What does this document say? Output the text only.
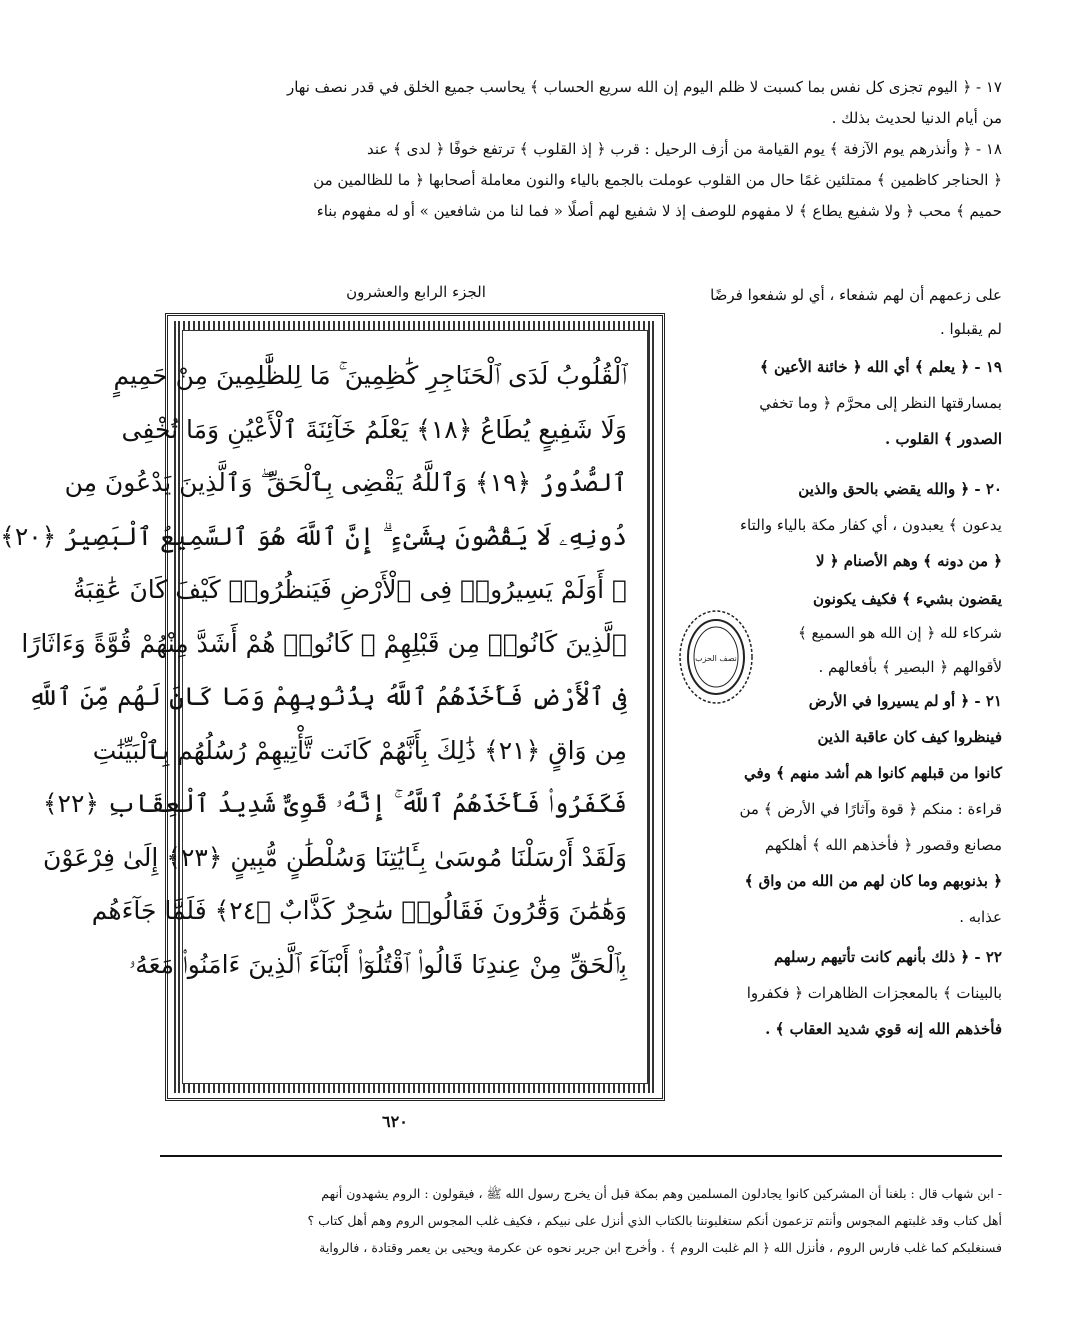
١٧ - ﴿ اليوم تجزى كل نفس بما كسبت لا ظلم اليوم إن الله سريع الحساب ﴾ يحاسب جميع الخلق في قدر نصف نهار
من أيام الدنيا لحديث بذلك .
١٨ - ﴿ وأنذرهم يوم الآزفة ﴾ يوم القيامة من أزف الرحيل : قرب ﴿ إذ القلوب ﴾ ترتفع خوفًا ﴿ لدى ﴾ عند
﴿ الحناجر كاظمين ﴾ ممتلئين غمًا حال من القلوب عوملت بالجمع بالياء والنون معاملة أصحابها ﴿ ما للظالمين من
حميم ﴾ محب ﴿ ولا شفيع يطاع ﴾ لا مفهوم للوصف إذ لا شفيع لهم أصلًا « فما لنا من شافعين » أو له مفهوم بناء
الجزء الرابع والعشرون
ٱلْقُلُوبُ لَدَى ٱلْحَنَاجِرِ كَٰظِمِينَ ۚ مَا لِلظَّٰلِمِينَ مِنْ حَمِيمٍ
وَلَا شَفِيعٍ يُطَاعُ ﴿١٨﴾ يَعْلَمُ خَآئِنَةَ ٱلْأَعْيُنِ وَمَا تُخْفِى
ٱلصُّدُورُ ﴿١٩﴾ وَٱللَّهُ يَقْضِى بِٱلْحَقِّ ۖ وَٱلَّذِينَ يَدْعُونَ مِن
دُونِهِۦ لَا يَقْضُونَ بِشَىْءٍ ۗ إِنَّ ٱللَّهَ هُوَ ٱلسَّمِيعُ ٱلْبَصِيرُ ﴿٢٠﴾
۞ أَوَلَمْ يَسِيرُوا۟ فِى ٱلْأَرْضِ فَيَنظُرُوا۟ كَيْفَ كَانَ عَٰقِبَةُ
ٱلَّذِينَ كَانُوا۟ مِن قَبْلِهِمْ ۚ كَانُوا۟ هُمْ أَشَدَّ مِنْهُمْ قُوَّةً وَءَاثَارًا
فِى ٱلْأَرْضِ فَأَخَذَهُمُ ٱللَّهُ بِذُنُوبِهِمْ وَمَا كَانَ لَهُم مِّنَ ٱللَّهِ
مِن وَاقٍ ﴿٢١﴾ ذَٰلِكَ بِأَنَّهُمْ كَانَت تَّأْتِيهِمْ رُسُلُهُم بِٱلْبَيِّنَٰتِ
فَكَفَرُوا۟ فَأَخَذَهُمُ ٱللَّهُ ۚ إِنَّهُۥ قَوِىٌّ شَدِيدُ ٱلْعِقَابِ ﴿٢٢﴾
وَلَقَدْ أَرْسَلْنَا مُوسَىٰ بِـَٔايَٰتِنَا وَسُلْطَٰنٍ مُّبِينٍ ﴿٢٣﴾ إِلَىٰ فِرْعَوْنَ
وَهَٰمَٰنَ وَقَٰرُونَ فَقَالُوا۟ سَٰحِرٌ كَذَّابٌ ﴿٢٤﴾ فَلَمَّا جَآءَهُم
بِٱلْحَقِّ مِنْ عِندِنَا قَالُوا۟ ٱقْتُلُوٓا۟ أَبْنَآءَ ٱلَّذِينَ ءَامَنُوا۟ مَعَهُۥ
نصف الحزب
على زعمهم أن لهم شفعاء ، أي لو شفعوا فرضًا
لم يقبلوا .
١٩ - ﴿ يعلم ﴾ أي الله ﴿ خائنة الأعين ﴾
بمسارقتها النظر إلى محرَّم ﴿ وما تخفي
الصدور ﴾ القلوب .
٢٠ - ﴿ والله يقضي بالحق والذين
يدعون ﴾ يعبدون ، أي كفار مكة بالياء والتاء
﴿ من دونه ﴾ وهم الأصنام ﴿ لا
يقضون بشيء ﴾ فكيف يكونون
شركاء لله ﴿ إن الله هو السميع ﴾
لأقوالهم ﴿ البصير ﴾ بأفعالهم .
٢١ - ﴿ أو لم يسيروا في الأرض
فينظروا كيف كان عاقبة الذين
كانوا من قبلهم كانوا هم أشد منهم ﴾ وفي
قراءة : منكم ﴿ قوة وآثارًا في الأرض ﴾ من
مصانع وقصور ﴿ فأخذهم الله ﴾ أهلكهم
﴿ بذنوبهم وما كان لهم من الله من واق ﴾
عذابه .
٢٢ - ﴿ ذلك بأنهم كانت تأتيهم رسلهم
بالبينات ﴾ بالمعجزات الظاهرات ﴿ فكفروا
فأخذهم الله إنه قوي شديد العقاب ﴾ .
٦٢٠
- ابن شهاب قال : بلغنا أن المشركين كانوا يجادلون المسلمين وهم بمكة قبل أن يخرج رسول الله ﷺ ، فيقولون : الروم يشهدون أنهم
أهل كتاب وقد غلبتهم المجوس وأنتم تزعمون أنكم ستغلبوننا بالكتاب الذي أنزل على نبيكم ، فكيف غلب المجوس الروم وهم أهل كتاب ؟
فسنغلبكم كما غلب فارس الروم ، فأنزل الله ﴿ الم غلبت الروم ﴾ . وأخرج ابن جرير نحوه عن عكرمة ويحيى بن يعمر وقتادة ، فالرواية
